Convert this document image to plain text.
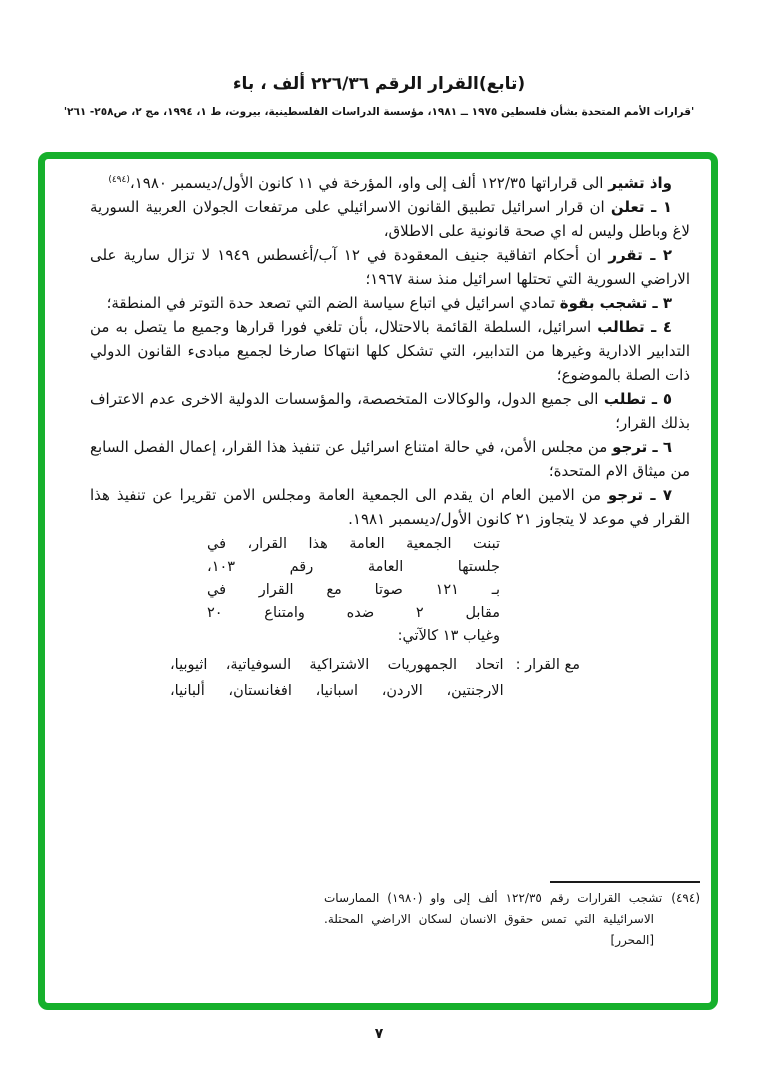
(تابع)القرار الرقم ٢٢٦/٣٦ ألف ، باء
'قرارات الأمم المتحدة بشأن فلسطين ١٩٧٥ ــ ١٩٨١، مؤسسة الدراسات الفلسطينية، بيروت، ط ١، ١٩٩٤، مج ٢، ص٢٥٨- ٢٦١'

واذ تشير الى قراراتها ١٢٢/٣٥ ألف إلى واو، المؤرخة في ١١ كانون الأول/ديسمبر ١٩٨٠،$^{(٤٩٤)}$

١ ـ تعلن ان قرار اسرائيل تطبيق القانون الاسرائيلي على مرتفعات الجولان العربية السورية لاغ وباطل وليس له اي صحة قانونية على الاطلاق،

٢ ـ تقرر ان أحكام اتفاقية جنيف المعقودة في ١٢ آب/أغسطس ١٩٤٩ لا تزال سارية على الاراضي السورية التي تحتلها اسرائيل منذ سنة ١٩٦٧؛

٣ ـ تشجب بقوة تمادي اسرائيل في اتباع سياسة الضم التي تصعد حدة التوتر في المنطقة؛

٤ ـ تطالب اسرائيل، السلطة القائمة بالاحتلال، بأن تلغي فورا قرارها وجميع ما يتصل به من التدابير الادارية وغيرها من التدابير، التي تشكل كلها انتهاكا صارخا لجميع مبادىء القانون الدولي ذات الصلة بالموضوع؛

٥ ـ تطلب الى جميع الدول، والوكالات المتخصصة، والمؤسسات الدولية الاخرى عدم الاعتراف بذلك القرار؛

٦ ـ ترجو من مجلس الأمن، في حالة امتناع اسرائيل عن تنفيذ هذا القرار، إعمال الفصل السابع من ميثاق الام المتحدة؛

٧ ـ ترجو من الامين العام ان يقدم الى الجمعية العامة ومجلس الامن تقريرا عن تنفيذ هذا القرار في موعد لا يتجاوز ٢١ كانون الأول/ديسمبر ١٩٨١.

تبنت الجمعية العامة هذا القرار، في
جلستها العامة رقم ١٠٣،
بـ ١٢١ صوتا مع القرار في
مقابل ٢ ضده وامتناع ٢٠
وغياب ١٣ كالآتي:
مع القرار :
اتحاد الجمهوريات الاشتراكية السوفياتية، اثيوبيا،
الارجنتين، الاردن، اسبانيا، افغانستان، ألبانيا،

(٤٩٤)تشجب القرارات رقم ١٢٢/٣٥ ألف إلى واو (١٩٨٠) الممارسات الاسرائيلية التي تمس حقوق الانسان لسكان الاراضي المحتلة. [المحرر]

٧
